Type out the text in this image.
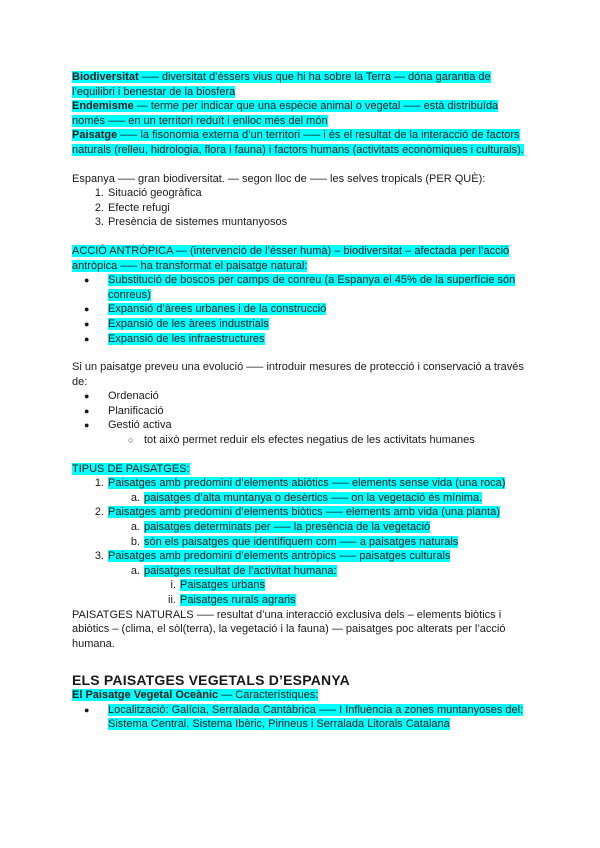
Biodiversitat –— diversitat d’éssers vius que hi ha sobre la Terra — dóna garantia de l’equilibri i benestar de la biosfera

Endemisme — terme per indicar que una espècie animal o vegetal –— està distribuïda només –— en un territori reduït i enlloc més del món

Paisatge –— la fisonomia externa d’un territori –— i és el resultat de la interacció de factors naturals (relleu, hidrologia, flora i fauna) i factors humans (activitats econòmiques i culturals).

Espanya –— gran biodiversitat. — segon lloc de –— les selves tropicals (PER QUÈ):

1. Situació geogràfica
2. Efecte refugi
3. Presència de sistemes muntanyosos

ACCIÓ ANTRÒPICA — (intervenció de l’ésser humà) – biodiversitat – afectada per l’acció antròpica –— ha transformat el paisatge natural:

●	Substitució de boscos per camps de conreu (a Espanya el 45% de la superfície són conreus)
●	Expansió d’àrees urbanes i de la construcció
●	Expansió de les àrees industrials
●	Expansió de les infraestructures

Si un paisatge preveu una evolució –— introduir mesures de protecció i conservació a través de:

●	Ordenació
●	Planificació
●	Gestió activa
○ tot això permet reduir els efectes negatius de les activitats humanes

TIPUS DE PAISATGES:

1. Paisatges amb predomini d’elements abiòtics –— elements sense vida (una roca)
a. paisatges d’alta muntanya o desèrtics –— on la vegetació és mínima.
2. Paisatges amb predomini d’elements biòtics –— elements amb vida (una planta)
a. paisatges determinats per –— la presència de la vegetació
b. són els paisatges que identifiquem com –— a paisatges naturals
3. Paisatges amb predomini d’elements antròpics –— paisatges culturals
a. paisatges resultat de l’activitat humana:
i. Paisatges urbans
ii. Paisatges rurals agraris

PAISATGES NATURALS –— resultat d’una interacció exclusiva dels – elements biòtics i abiòtics – (clima, el sòl(terra), la vegetació i la fauna) — paisatges poc alterats per l’acció humana.

ELS PAISATGES VEGETALS D’ESPANYA

El Paisatge Vegetal Oceànic — Característiques:

●	Localització: Galícia, Serralada Cantàbrica –— I Influència a zones muntanyoses del: Sistema Central, Sistema Ibèric, Pirineus i Serralada Litorals Catalana
